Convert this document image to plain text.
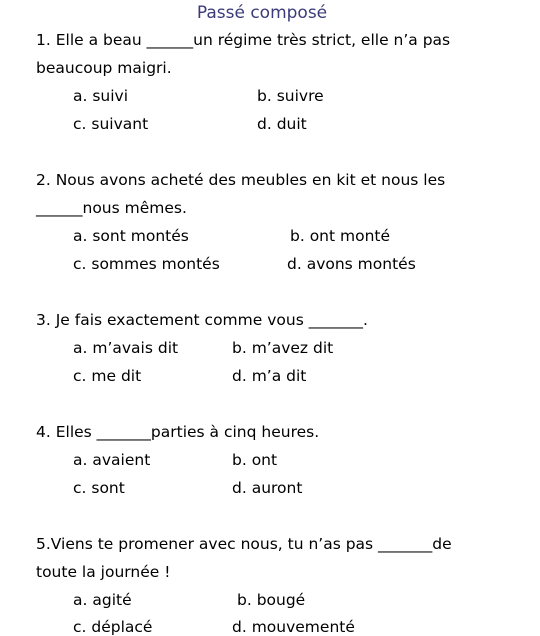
Passé composé
1. Elle a beau ______un régime très strict, elle n’a pas
beaucoup maigri.
a. suivi	b. suivre
c. suivant	d. duit
2. Nous avons acheté des meubles en kit et nous les
______nous mêmes.
a. sont montés	b. ont monté
c. sommes montés	d. avons montés
3. Je fais exactement comme vous _______.
a. m’avais dit	b. m’avez dit
c. me dit	d. m’a dit
4. Elles _______parties à cinq heures.
a. avaient	b. ont
c. sont	d. auront
5.Viens te promener avec nous, tu n’as pas _______de
toute la journée !
a. agité	b. bougé
c. déplacé	d. mouvementé
